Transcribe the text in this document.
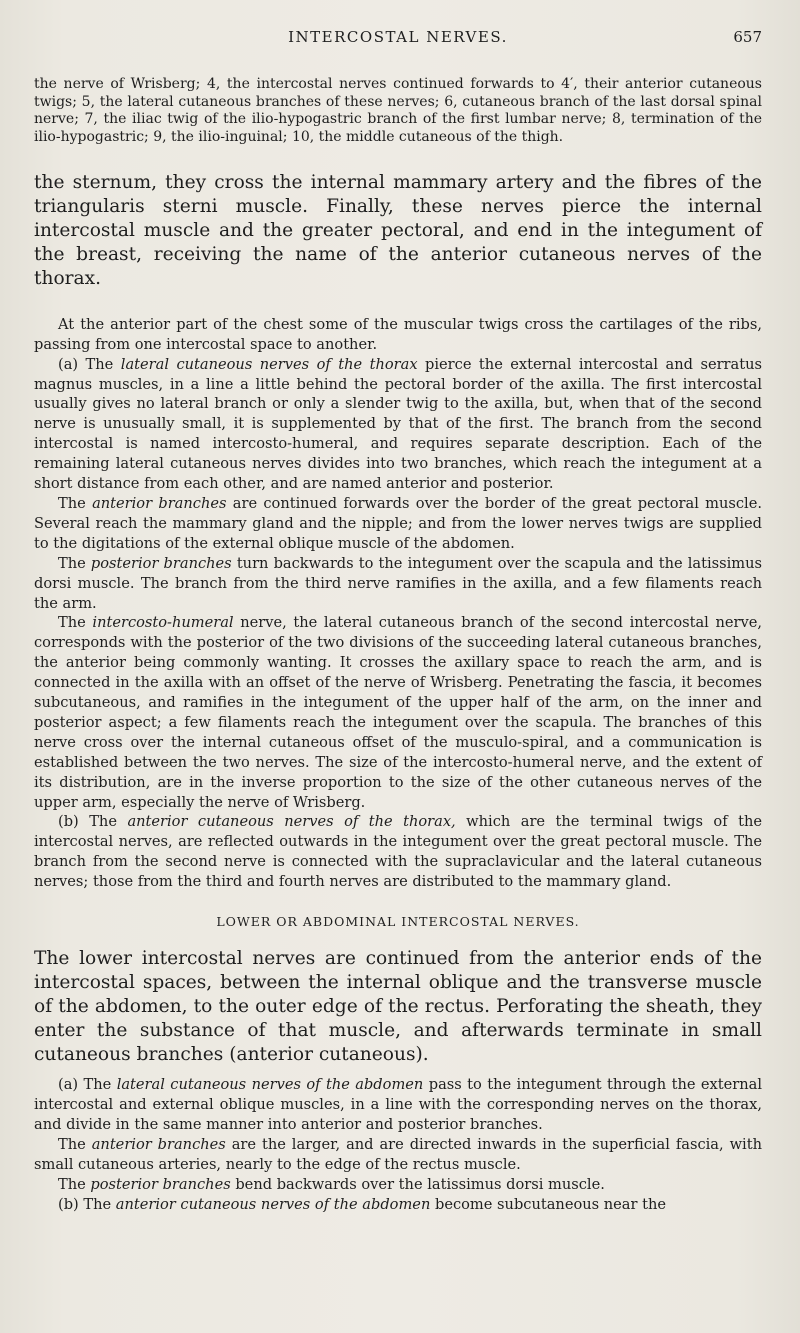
INTERCOSTAL NERVES.	657

the nerve of Wrisberg; 4, the intercostal nerves continued forwards to 4′, their anterior cutaneous twigs; 5, the lateral cutaneous branches of these nerves; 6, cutaneous branch of the last dorsal spinal nerve; 7, the iliac twig of the ilio-hypogastric branch of the first lumbar nerve; 8, termination of the ilio-hypogastric; 9, the ilio-inguinal; 10, the middle cutaneous of the thigh.

the sternum, they cross the internal mammary artery and the fibres of the triangularis sterni muscle. Finally, these nerves pierce the internal intercostal muscle and the greater pectoral, and end in the integument of the breast, receiving the name of the anterior cutaneous nerves of the thorax.

At the anterior part of the chest some of the muscular twigs cross the cartilages of the ribs, passing from one intercostal space to another.

(a) The lateral cutaneous nerves of the thorax pierce the external intercostal and serratus magnus muscles, in a line a little behind the pectoral border of the axilla. The first intercostal usually gives no lateral branch or only a slender twig to the axilla, but, when that of the second nerve is unusually small, it is supplemented by that of the first. The branch from the second intercostal is named intercosto-humeral, and requires separate description. Each of the remaining lateral cutaneous nerves divides into two branches, which reach the integument at a short distance from each other, and are named anterior and posterior.

The anterior branches are continued forwards over the border of the great pectoral muscle. Several reach the mammary gland and the nipple; and from the lower nerves twigs are supplied to the digitations of the external oblique muscle of the abdomen.

The posterior branches turn backwards to the integument over the scapula and the latissimus dorsi muscle. The branch from the third nerve ramifies in the axilla, and a few filaments reach the arm.

The intercosto-humeral nerve, the lateral cutaneous branch of the second intercostal nerve, corresponds with the posterior of the two divisions of the succeeding lateral cutaneous branches, the anterior being commonly wanting. It crosses the axillary space to reach the arm, and is connected in the axilla with an offset of the nerve of Wrisberg. Penetrating the fascia, it becomes subcutaneous, and ramifies in the integument of the upper half of the arm, on the inner and posterior aspect; a few filaments reach the integument over the scapula. The branches of this nerve cross over the internal cutaneous offset of the musculo-spiral, and a communication is established between the two nerves. The size of the intercosto-humeral nerve, and the extent of its distribution, are in the inverse proportion to the size of the other cutaneous nerves of the upper arm, especially the nerve of Wrisberg.

(b) The anterior cutaneous nerves of the thorax, which are the terminal twigs of the intercostal nerves, are reflected outwards in the integument over the great pectoral muscle. The branch from the second nerve is connected with the supraclavicular and the lateral cutaneous nerves; those from the third and fourth nerves are distributed to the mammary gland.

LOWER OR ABDOMINAL INTERCOSTAL NERVES.

The lower intercostal nerves are continued from the anterior ends of the intercostal spaces, between the internal oblique and the transverse muscle of the abdomen, to the outer edge of the rectus. Perforating the sheath, they enter the substance of that muscle, and afterwards terminate in small cutaneous branches (anterior cutaneous).

(a) The lateral cutaneous nerves of the abdomen pass to the integument through the external intercostal and external oblique muscles, in a line with the corresponding nerves on the thorax, and divide in the same manner into anterior and posterior branches.

The anterior branches are the larger, and are directed inwards in the superficial fascia, with small cutaneous arteries, nearly to the edge of the rectus muscle.

The posterior branches bend backwards over the latissimus dorsi muscle.

(b) The anterior cutaneous nerves of the abdomen become subcutaneous near the
